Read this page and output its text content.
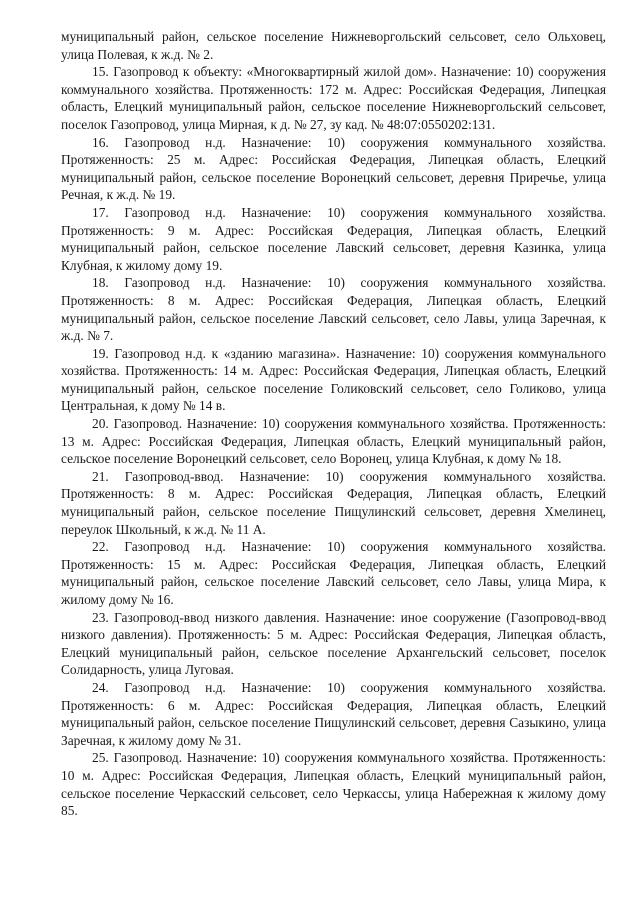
муниципальный район, сельское поселение Нижневоргольский сельсовет, село Ольховец, улица Полевая, к ж.д. № 2.

15. Газопровод к объекту: «Многоквартирный жилой дом». Назначение: 10) сооружения коммунального хозяйства. Протяженность: 172 м. Адрес: Российская Федерация, Липецкая область, Елецкий муниципальный район, сельское поселение Нижневоргольский сельсовет, поселок Газопровод, улица Мирная, к д. № 27, зу кад. № 48:07:0550202:131.

16. Газопровод н.д. Назначение: 10) сооружения коммунального хозяйства. Протяженность: 25 м. Адрес: Российская Федерация, Липецкая область, Елецкий муниципальный район, сельское поселение Воронецкий сельсовет, деревня Приречье, улица Речная, к ж.д. № 19.

17. Газопровод н.д. Назначение: 10) сооружения коммунального хозяйства. Протяженность: 9 м. Адрес: Российская Федерация, Липецкая область, Елецкий муниципальный район, сельское поселение Лавский сельсовет, деревня Казинка, улица Клубная, к жилому дому 19.

18. Газопровод н.д. Назначение: 10) сооружения коммунального хозяйства. Протяженность: 8 м. Адрес: Российская Федерация, Липецкая область, Елецкий муниципальный район, сельское поселение Лавский сельсовет, село Лавы, улица Заречная, к ж.д. № 7.

19. Газопровод н.д. к «зданию магазина». Назначение: 10) сооружения коммунального хозяйства. Протяженность: 14 м. Адрес: Российская Федерация, Липецкая область, Елецкий муниципальный район, сельское поселение Голиковский сельсовет, село Голиково, улица Центральная, к дому № 14 в.

20. Газопровод. Назначение: 10) сооружения коммунального хозяйства. Протяженность: 13 м. Адрес: Российская Федерация, Липецкая область, Елецкий муниципальный район, сельское поселение Воронецкий сельсовет, село Воронец, улица Клубная, к дому № 18.

21. Газопровод-ввод. Назначение: 10) сооружения коммунального хозяйства. Протяженность: 8 м. Адрес: Российская Федерация, Липецкая область, Елецкий муниципальный район, сельское поселение Пищулинский сельсовет, деревня Хмелинец, переулок Школьный, к ж.д. № 11 А.

22. Газопровод н.д. Назначение: 10) сооружения коммунального хозяйства. Протяженность: 15 м. Адрес: Российская Федерация, Липецкая область, Елецкий муниципальный район, сельское поселение Лавский сельсовет, село Лавы, улица Мира, к жилому дому № 16.

23. Газопровод-ввод низкого давления. Назначение: иное сооружение (Газопровод-ввод низкого давления). Протяженность: 5 м. Адрес: Российская Федерация, Липецкая область, Елецкий муниципальный район, сельское поселение Архангельский сельсовет, поселок Солидарность, улица Луговая.

24. Газопровод н.д. Назначение: 10) сооружения коммунального хозяйства. Протяженность: 6 м. Адрес: Российская Федерация, Липецкая область, Елецкий муниципальный район, сельское поселение Пищулинский сельсовет, деревня Сазыкино, улица Заречная, к жилому дому № 31.

25. Газопровод. Назначение: 10) сооружения коммунального хозяйства. Протяженность: 10 м. Адрес: Российская Федерация, Липецкая область, Елецкий муниципальный район, сельское поселение Черкасский сельсовет, село Черкассы, улица Набережная к жилому дому 85.
